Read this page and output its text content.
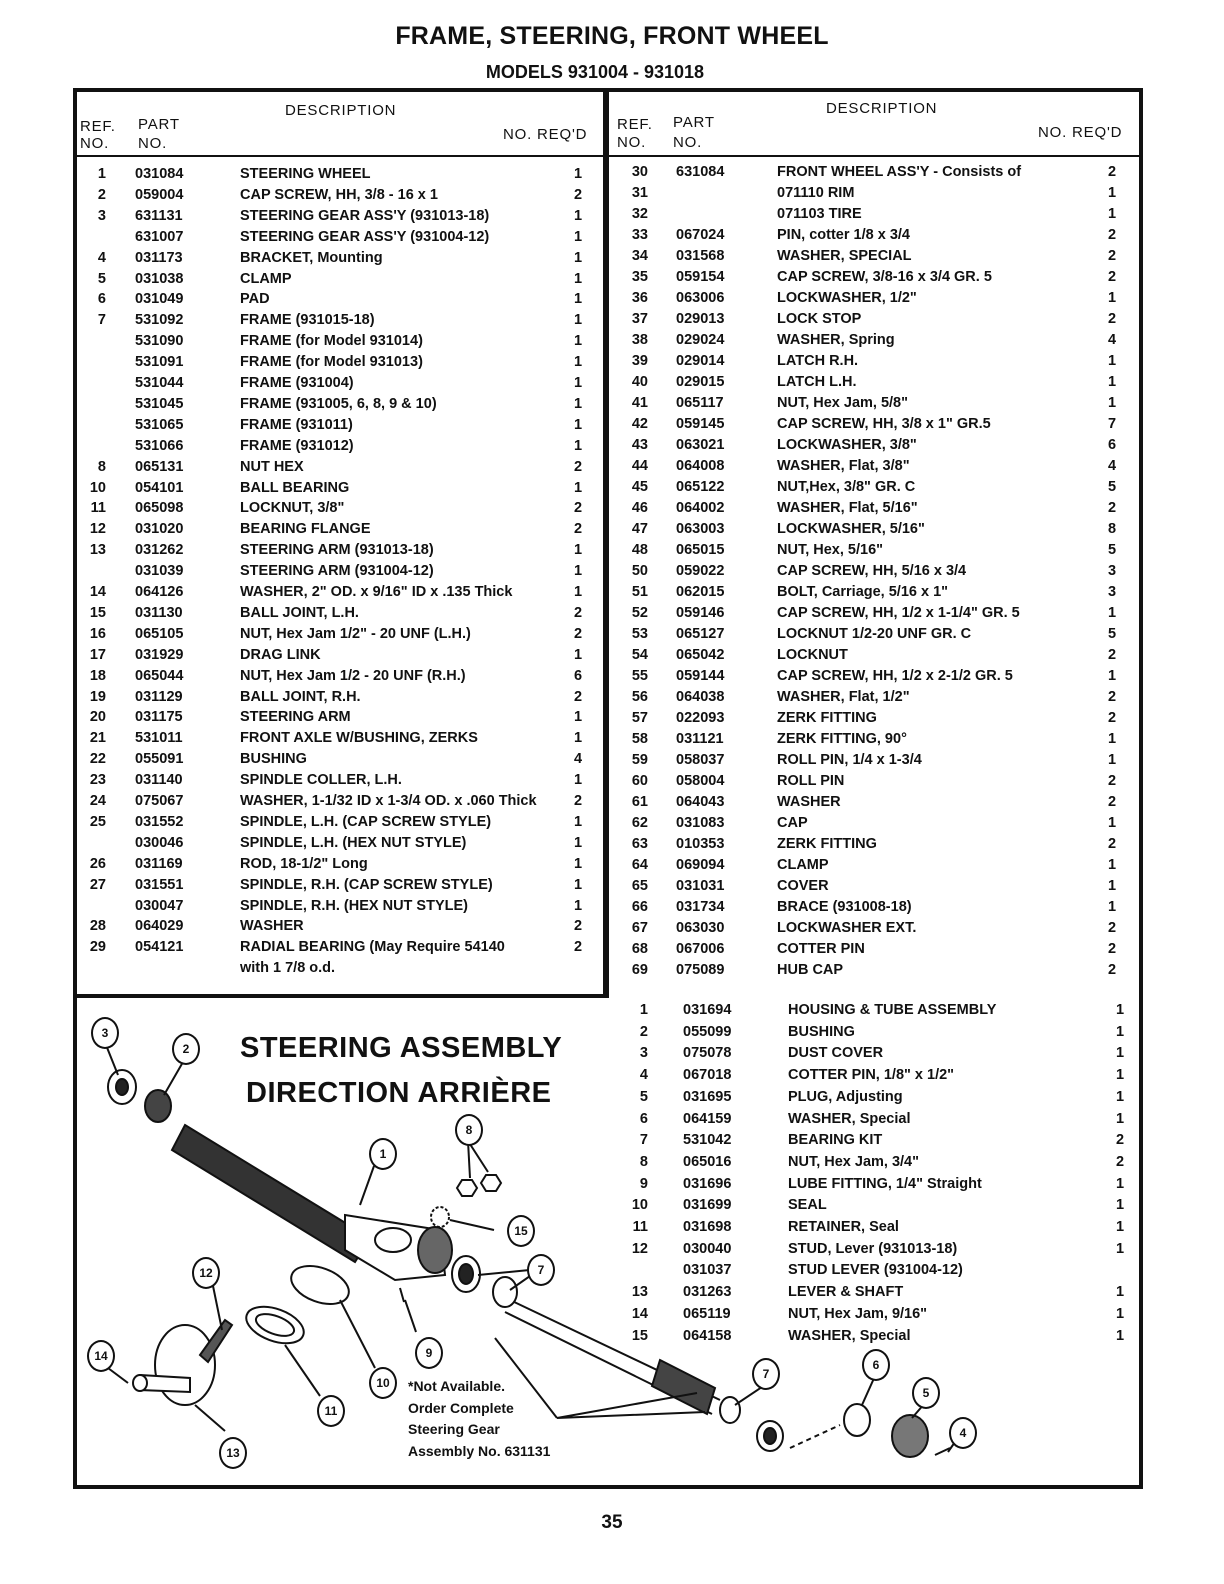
FRAME, STEERING, FRONT WHEEL
MODELS 931004 - 931018
REF.
NO.
PART
NO.
DESCRIPTION
NO. REQ'D
REF.
NO.
PART
NO.
DESCRIPTION
NO. REQ'D
1 031084	STEERING WHEEL	1
2 059004	CAP SCREW, HH, 3/8 - 16 x 1	2
3 631131	STEERING GEAR ASS'Y (931013-18)	1
631007	STEERING GEAR ASS'Y (931004-12)	1
4 031173	BRACKET, Mounting	1
5 031038	CLAMP	1
6 031049	PAD	1
7 531092	FRAME (931015-18)	1
531090	FRAME (for Model 931014)	1
531091	FRAME (for Model 931013)	1
531044	FRAME (931004)	1
531045	FRAME (931005, 6, 8, 9 & 10)	1
531065	FRAME (931011)	1
531066	FRAME (931012)	1
8 065131	NUT HEX	2
10 054101	BALL BEARING	1
11 065098	LOCKNUT, 3/8"	2
12 031020	BEARING FLANGE	2
13 031262	STEERING ARM (931013-18)	1
031039	STEERING ARM (931004-12)	1
14 064126	WASHER, 2" OD. x 9/16" ID x .135 Thick	1
15 031130	BALL JOINT, L.H.	2
16 065105	NUT, Hex Jam 1/2" - 20 UNF (L.H.)	2
17 031929	DRAG LINK	1
18 065044	NUT, Hex Jam 1/2 - 20 UNF (R.H.)	6
19 031129	BALL JOINT, R.H.	2
20 031175	STEERING ARM	1
21 531011	FRONT AXLE W/BUSHING, ZERKS	1
22 055091	BUSHING	4
23 031140	SPINDLE COLLER, L.H.	1
24 075067	WASHER, 1-1/32 ID x 1-3/4 OD. x .060 Thick	2
25 031552	SPINDLE, L.H. (CAP SCREW STYLE)	1
030046	SPINDLE, L.H. (HEX NUT STYLE)	1
26 031169	ROD, 18-1/2" Long	1
27 031551	SPINDLE, R.H. (CAP SCREW STYLE)	1
030047	SPINDLE, R.H. (HEX NUT STYLE)	1
28 064029	WASHER	2
29 054121	RADIAL BEARING (May Require 54140	2
with 1 7/8 o.d.
30 631084	FRONT WHEEL ASS'Y - Consists of	2
31	071110 RIM	1
32	071103 TIRE	1
33 067024	PIN, cotter 1/8 x 3/4	2
34 031568	WASHER, SPECIAL	2
35 059154	CAP SCREW, 3/8-16 x 3/4 GR. 5	2
36 063006	LOCKWASHER, 1/2"	1
37 029013	LOCK STOP	2
38 029024	WASHER, Spring	4
39 029014	LATCH R.H.	1
40 029015	LATCH L.H.	1
41 065117	NUT, Hex Jam, 5/8"	1
42 059145	CAP SCREW, HH, 3/8 x 1" GR.5	7
43 063021	LOCKWASHER, 3/8"	6
44 064008	WASHER, Flat, 3/8"	4
45 065122	NUT,Hex, 3/8" GR. C	5
46 064002	WASHER, Flat, 5/16"	2
47 063003	LOCKWASHER, 5/16"	8
48 065015	NUT, Hex, 5/16"	5
50 059022	CAP SCREW, HH, 5/16 x 3/4	3
51 062015	BOLT, Carriage, 5/16 x 1"	3
52 059146	CAP SCREW, HH, 1/2 x 1-1/4" GR. 5	1
53 065127	LOCKNUT 1/2-20 UNF GR. C	5
54 065042	LOCKNUT	2
55 059144	CAP SCREW, HH, 1/2 x 2-1/2 GR. 5	1
56 064038	WASHER, Flat, 1/2"	2
57 022093	ZERK FITTING	2
58 031121	ZERK FITTING, 90°	1
59 058037	ROLL PIN, 1/4 x 1-3/4	1
60 058004	ROLL PIN	2
61 064043	WASHER	2
62 031083	CAP	1
63 010353	ZERK FITTING	2
64 069094	CLAMP	1
65 031031	COVER	1
66 031734	BRACE (931008-18)	1
67 063030	LOCKWASHER EXT.	2
68 067006	COTTER PIN	2
69 075089	HUB CAP	2
1 031694	HOUSING & TUBE ASSEMBLY	1
2 055099	BUSHING	1
3 075078	DUST COVER	1
4 067018	COTTER PIN, 1/8" x 1/2"	1
5 031695	PLUG, Adjusting	1
6 064159	WASHER, Special	1
7 531042	BEARING KIT	2
8 065016	NUT, Hex Jam, 3/4"	2
9 031696	LUBE FITTING, 1/4" Straight	1
10 031699	SEAL	1
11 031698	RETAINER, Seal	1
12 030040	STUD, Lever (931013-18)	1
031037	STUD LEVER (931004-12)
13 031263	LEVER & SHAFT	1
14 065119	NUT, Hex Jam, 9/16"	1
15 064158	WASHER, Special	1
STEERING ASSEMBLY
DIRECTION ARRIÈRE
1
2
3
4
5
6
7
7
8
9
10
11
12
13
14
15
*Not Available.
Order Complete
Steering Gear
Assembly No. 631131
35
